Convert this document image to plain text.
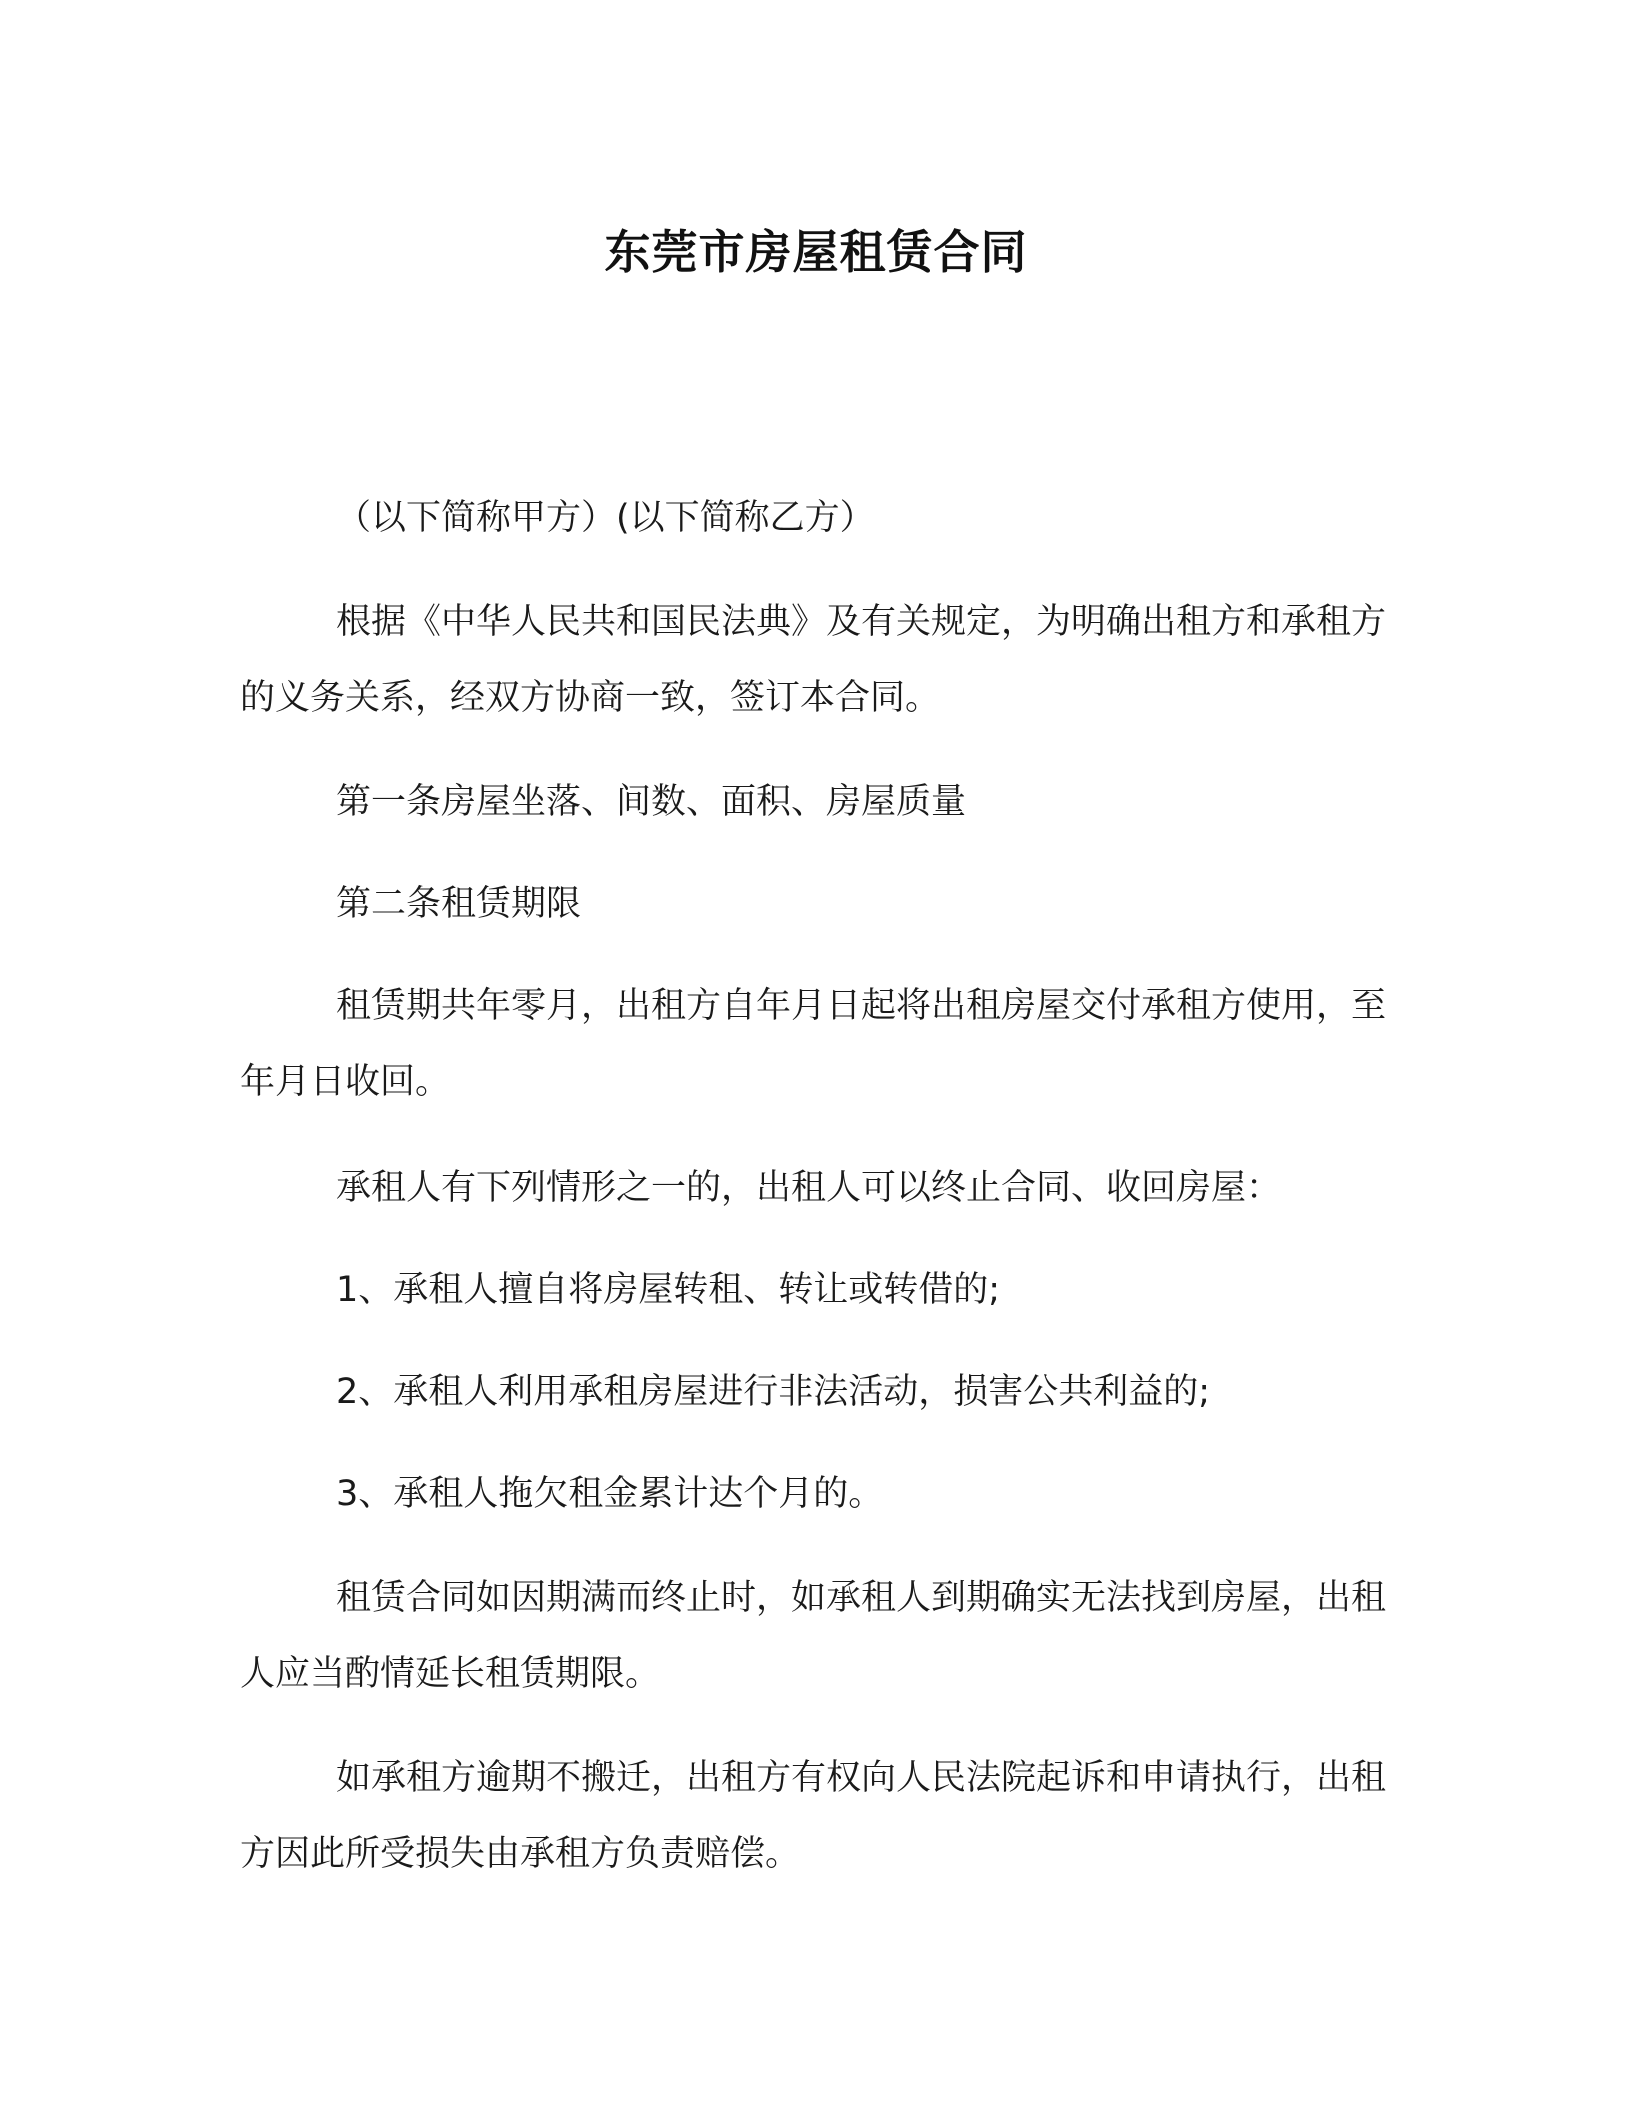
东莞市房屋租赁合同
（以下简称甲方）(以下简称乙方）
根据《中华人民共和国民法典》及有关规定，为明确出租方和承租方的义务关系，经双方协商一致，签订本合同。
第一条房屋坐落、间数、面积、房屋质量
第二条租赁期限
租赁期共年零月，出租方自年月日起将出租房屋交付承租方使用，至年月日收回。
承租人有下列情形之一的，出租人可以终止合同、收回房屋：
1、承租人擅自将房屋转租、转让或转借的;
2、承租人利用承租房屋进行非法活动，损害公共利益的;
3、承租人拖欠租金累计达个月的。
租赁合同如因期满而终止时，如承租人到期确实无法找到房屋，出租人应当酌情延长租赁期限。
如承租方逾期不搬迁，出租方有权向人民法院起诉和申请执行，出租方因此所受损失由承租方负责赔偿。
